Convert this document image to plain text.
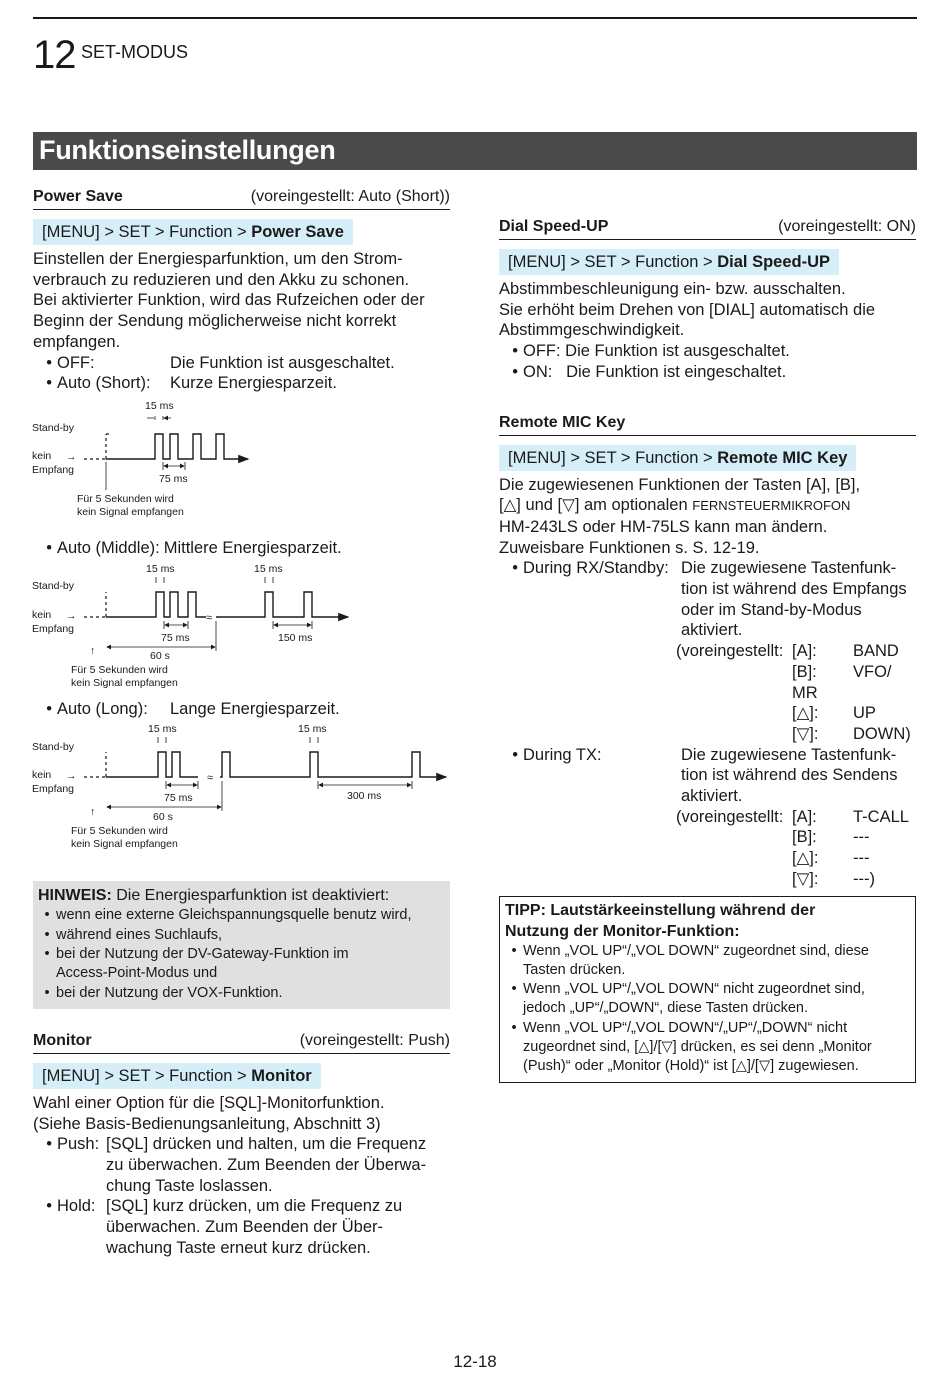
12 SET-MODUS
Funktionseinstellungen
Power Save	(voreingestellt: Auto (Short))
[MENU] > SET > Function > Power Save
Einstellen der Energiesparfunktion, um den Strom-
verbrauch zu reduzieren und den Akku zu schonen.
Bei aktivierter Funktion, wird das Rufzeichen oder der
Beginn der Sendung möglicherweise nicht korrekt
empfangen.
• OFF:	Die Funktion ist ausgeschaltet.
• Auto (Short):	Kurze Energiesparzeit.
15 ms
Stand-by
kein
Empfang
→
75 ms
Für 5 Sekunden wird
kein Signal empfangen
• Auto (Middle): Mittlere Energiesparzeit.
15 ms	15 ms
Stand-by
kein
Empfang
→	≈
75 ms	150 ms
↑	60 s
Für 5 Sekunden wird
kein Signal empfangen
• Auto (Long):	Lange Energiesparzeit.
15 ms	15 ms
Stand-by
kein
Empfang
→	≈
75 ms	300 ms
↑	60 s
Für 5 Sekunden wird
kein Signal empfangen
HINWEIS: Die Energiesparfunktion ist deaktiviert:
• wenn eine externe Gleichspannungsquelle benutz wird,
• während eines Suchlaufs,
• bei der Nutzung der DV-Gateway-Funktion im
Access-Point-Modus und
• bei der Nutzung der VOX-Funktion.
Monitor	(voreingestellt: Push)
[MENU] > SET > Function > Monitor
Wahl einer Option für die [SQL]-Monitorfunktion.
(Siehe Basis-Bedienungsanleitung, Abschnitt 3)
• Push: [SQL] drücken und halten, um die Frequenz
zu überwachen. Zum Beenden der Überwa-
chung Taste loslassen.
• Hold: [SQL] kurz drücken, um die Frequenz zu
überwachen. Zum Beenden der Über-
wachung Taste erneut kurz drücken.
Dial Speed-UP	(voreingestellt: ON)
[MENU] > SET > Function > Dial Speed-UP
Abstimmbeschleunigung ein- bzw. ausschalten.
Sie erhöht beim Drehen von [DIAL] automatisch die
Abstimmgeschwindigkeit.
• OFF: Die Funktion ist ausgeschaltet.
• ON:   Die Funktion ist eingeschaltet.
Remote MIC Key
[MENU] > SET > Function > Remote MIC Key
Die zugewiesenen Funktionen der Tasten [A], [B],
[△] und [▽] am optionalen FERNSTEUERMIKROFON
HM-243LS oder HM-75LS kann man ändern.
Zuweisbare Funktionen s. S. 12-19.
• During RX/Standby: Die zugewiesene Tastenfunk-
tion ist während des Empfangs
oder im Stand-by-Modus
aktiviert.
(voreingestellt: [A]:	BAND
[B]:	VFO/
MR
[△]:	UP
[▽]:	DOWN)
• During TX:	Die zugewiesene Tastenfunk-
tion ist während des Sendens
aktiviert.
(voreingestellt: [A]:	T-CALL
[B]:	---
[△]:	---
[▽]:	---)
TIPP: Lautstärkeeinstellung während der
Nutzung der Monitor-Funktion:
• Wenn „VOL UP“/„VOL DOWN“ zugeordnet sind, diese
Tasten drücken.
• Wenn „VOL UP“/„VOL DOWN“ nicht zugeordnet sind,
jedoch „UP“/„DOWN“, diese Tasten drücken.
• Wenn „VOL UP“/„VOL DOWN“/„UP“/„DOWN“ nicht
zugeordnet sind, [△]/[▽] drücken, es sei denn „Monitor
(Push)“ oder „Monitor (Hold)“ ist [△]/[▽] zugewiesen.
12-18
